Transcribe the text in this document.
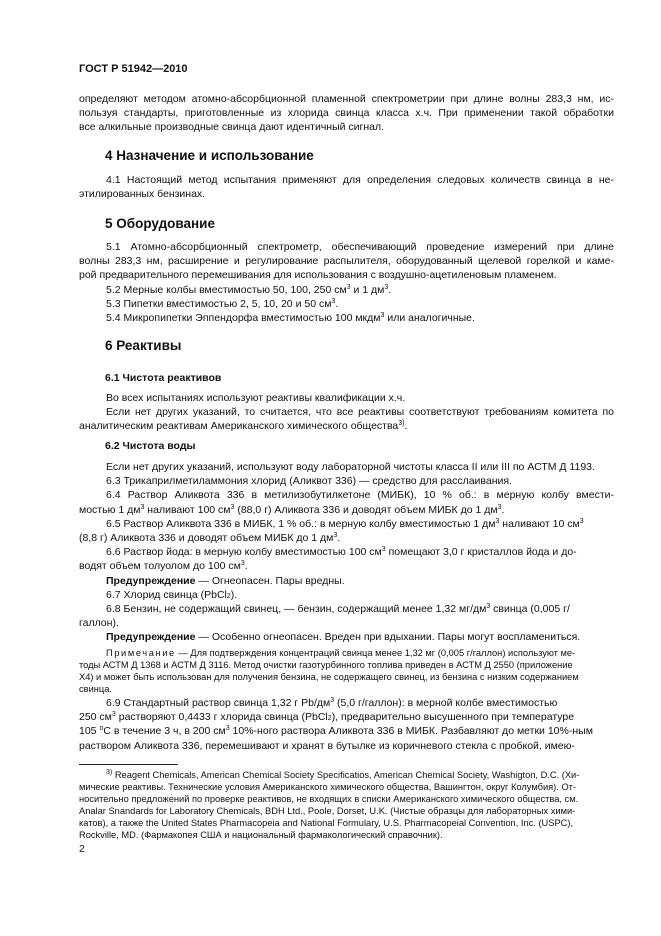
ГОСТ Р 51942—2010
определяют методом атомно-абсорбционной пламенной спектрометрии при длине волны 283,3 нм, ис-
пользуя стандарты, приготовленные из хлорида свинца класса х.ч. При применении такой обработки
все алкильные производные свинца дают идентичный сигнал.
4 Назначение и использование
4.1 Настоящий метод испытания применяют для определения следовых количеств свинца в не-
этилированных бензинах.
5 Оборудование
5.1 Атомно-абсорбционный спектрометр, обеспечивающий проведение измерений при длине
волны 283,3 нм, расширение и регулирование распылителя, оборудованный щелевой горелкой и каме-
рой предварительного перемешивания для использования с воздушно-ацетиленовым пламенем.
5.2 Мерные колбы вместимостью 50, 100, 250 $см^3$ и 1 $дм^3$.
5.3 Пипетки вместимостью 2, 5, 10, 20 и 50 $см^3$.
5.4 Микропипетки Эппендорфа вместимостью 100 мкдм$^3$ или аналогичные.
6 Реактивы
6.1 Чистота реактивов
Во всех испытаниях используют реактивы квалификации х.ч.
Если нет других указаний, то считается, что все реактивы соответствуют требованиям комитета по
аналитическим реактивам Американского химического общества$^{3)}$.
6.2 Чистота воды
Если нет других указаний, используют воду лабораторной чистоты класса II или III по АСТМ Д 1193.
6.3 Трикаприлметиламмония хлорид (Аликвот 336) — средство для расслаивания.
6.4 Раствор Аликвота 336 в метилизобутилкетоне (МИБК), 10 % об.: в мерную колбу вмести-
мостью 1 $дм^3$ наливают 100 $см^3$ (88,0 г) Аликвота 336 и доводят объем МИБК до 1 $дм^3$.
6.5 Раствор Аликвота 336 в МИБК, 1 % об.: в мерную колбу вместимостью 1 $дм^3$ наливают 10 $см^3$
(8,8 г) Аликвота 336 и доводят объем МИБК до 1 $дм^3$.
6.6 Раствор йода: в мерную колбу вместимостью 100 $см^3$ помещают 3,0 г кристаллов йода и до-
водят объем толуолом до 100 $см^3$.
Предупреждение — Огнеопасен. Пары вредны.
6.7 Хлорид свинца (PbCl$_2$).
6.8 Бензин, не содержащий свинец, — бензин, содержащий менее 1,32 $мг/дм^3$ свинца (0,005 г/
галлон).
Предупреждение — Особенно огнеопасен. Вреден при вдыхании. Пары могут воспламениться.
Примечание — Для подтверждения концентраций свинца менее 1,32 мг (0,005 г/галлон) используют ме-
тоды АСТМ Д 1368 и АСТМ Д 3116. Метод очистки газотурбинного топлива приведен в АСТМ Д 2550 (приложение
X4) и может быть использован для получения бензина, не содержащего свинец, из бензина с низким содержанием
свинца.
6.9 Стандартный раствор свинца 1,32 г $Pb/дм^3$ (5,0 г/галлон): в мерной колбе вместимостью
250 $см^3$ растворяют 0,4433 г хлорида свинца (PbCl$_2$), предварительно высушенного при температуре
105 $^о$С в течение 3 ч, в 200 $см^3$ 10%-ного раствора Аликвота 336 в МИБК. Разбавляют до метки 10%-ным
раствором Аликвота 336, перемешивают и хранят в бутылке из коричневого стекла с пробкой, имею-
$^{3)}$ Reagent Chemicals, American Chemical Society Specificatios, American Chemical Society, Washigton, D.C. (Хи-
мические реактивы. Технические условия Американского химического общества, Вашингтон, округ Колумбия). От-
носительно предложений по проверке реактивов, не входящих в списки Американского химического общества, см.
Analar Snandards for Laboratory Chemicals, BDH Ltd., Poole, Dorset, U.K. (Чистые образцы для лабораторных хими-
катов), а также the United States Pharmacopeia and National Formulary, U.S. Pharmacopeial Convention, Inc. (USPC),
Rockville, MD. (Фармакопея США и национальный фармакологический справочник).
2
